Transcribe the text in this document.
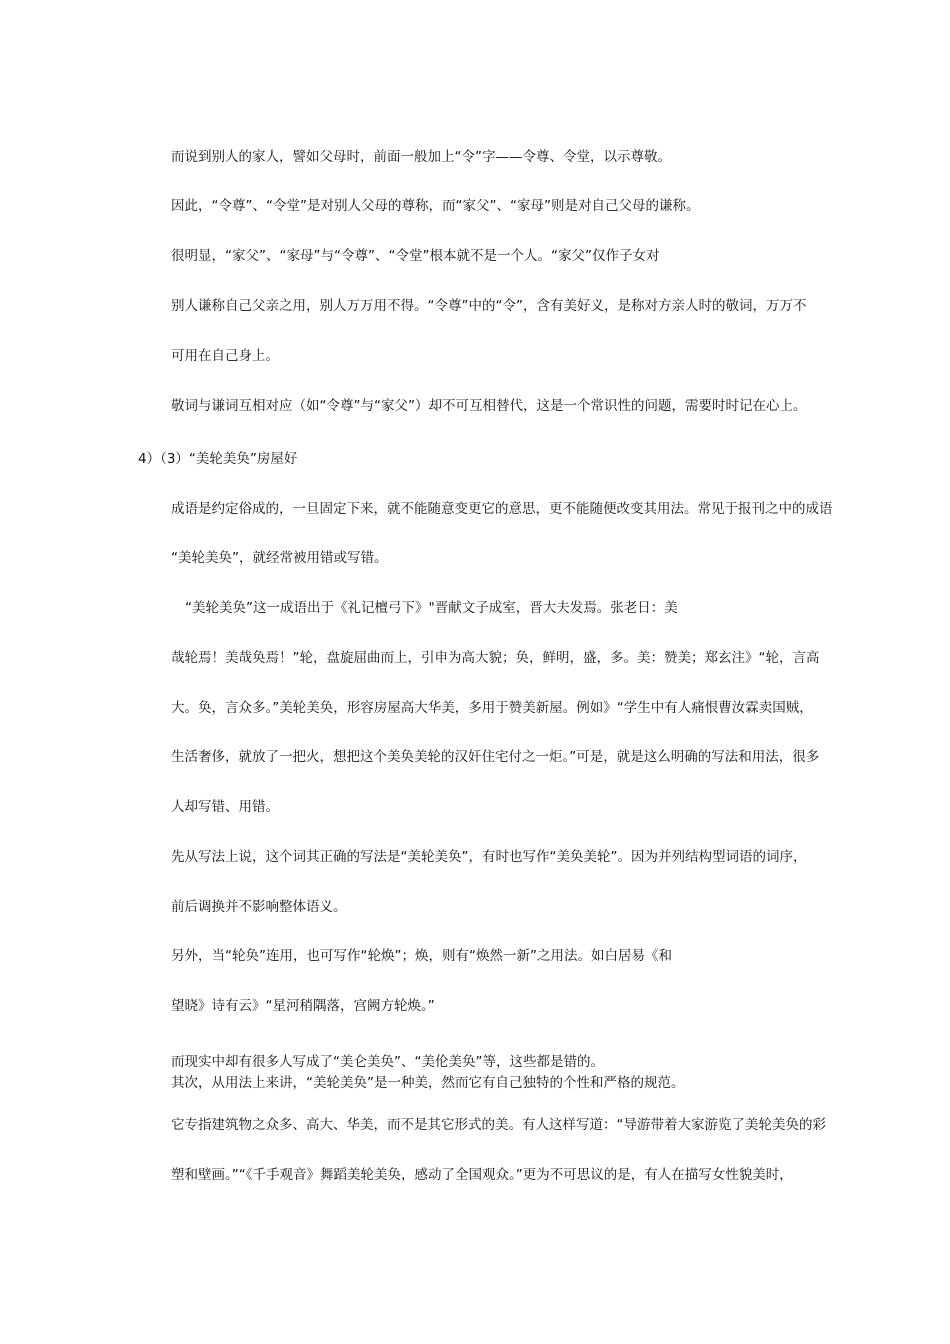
而说到别人的家人，譬如父母时，前面一般加上“令”字——令尊、令堂，以示尊敬。

因此，“令尊”、“令堂”是对别人父母的尊称，而“家父”、“家母”则是对自己父母的谦称。

很明显，“家父”、“家母”与“令尊”、“令堂”根本就不是一个人。“家父”仅作子女对

别人谦称自己父亲之用，别人万万用不得。“令尊”中的“令”，含有美好义，是称对方亲人时的敬词，万万不

可用在自己身上。

敬词与谦词互相对应（如“令尊”与“家父”）却不可互相替代，这是一个常识性的问题，需要时时记在心上。

4）（3）“美轮美奂”房屋好

成语是约定俗成的，一旦固定下来，就不能随意变更它的意思，更不能随便改变其用法。常见于报刊之中的成语

“美轮美奂”，就经常被用错或写错。

“美轮美奂”这一成语出于《礼记檀弓下》"晋献文子成室，晋大夫发焉。张老日：美

哉轮焉！美哉奂焉！”轮，盘旋屈曲而上，引申为高大貌；奂，鲜明，盛，多。美：赞美；郑玄注》“轮，言高

大。奂，言众多。”美轮美奂，形容房屋高大华美，多用于赞美新屋。例如》“学生中有人痛恨曹汝霖卖国贼，

生活奢侈，就放了一把火，想把这个美奂美轮的汉奸住宅付之一炬。”可是，就是这么明确的写法和用法，很多

人却写错、用错。

先从写法上说，这个词其正确的写法是“美轮美奂”，有时也写作“美奂美轮”。因为并列结构型词语的词序，

前后调换并不影响整体语义。

另外，当“轮奂”连用，也可写作“轮焕”；焕，则有“焕然一新”之用法。如白居易《和

望晓》诗有云》“星河稍隅落，宫阙方轮焕。”

而现实中却有很多人写成了“美仑美奂”、“美伦美奂”等，这些都是错的。

其次，从用法上来讲，“美轮美奂”是一种美，然而它有自己独特的个性和严格的规范。

它专指建筑物之众多、高大、华美，而不是其它形式的美。有人这样写道：“导游带着大家游览了美轮美奂的彩

塑和壁画。”“《千手观音》舞蹈美轮美奂，感动了全国观众。”更为不可思议的是，有人在描写女性貌美时，
